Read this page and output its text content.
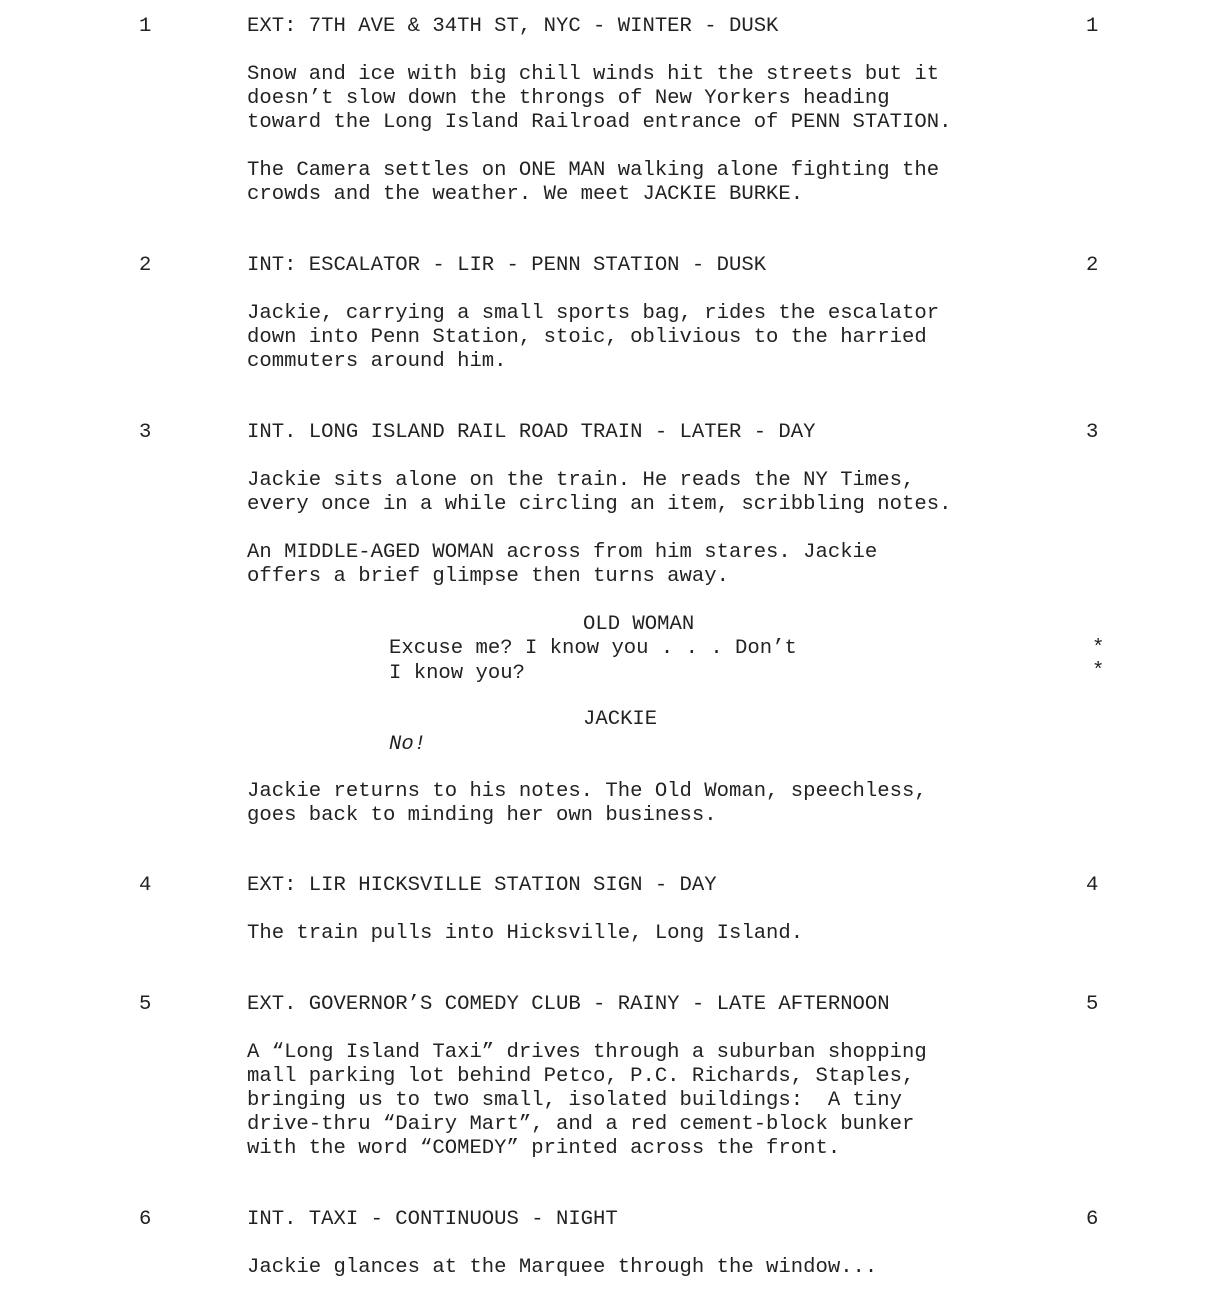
1	EXT: 7TH AVE & 34TH ST, NYC - WINTER - DUSK	1
Snow and ice with big chill winds hit the streets but it
doesn’t slow down the throngs of New Yorkers heading
toward the Long Island Railroad entrance of PENN STATION.
The Camera settles on ONE MAN walking alone fighting the
crowds and the weather. We meet JACKIE BURKE.
2	INT: ESCALATOR - LIR - PENN STATION - DUSK	2
Jackie, carrying a small sports bag, rides the escalator
down into Penn Station, stoic, oblivious to the harried
commuters around him.
3	INT. LONG ISLAND RAIL ROAD TRAIN - LATER - DAY	3
Jackie sits alone on the train. He reads the NY Times,
every once in a while circling an item, scribbling notes.
An MIDDLE-AGED WOMAN across from him stares. Jackie
offers a brief glimpse then turns away.
OLD WOMAN
Excuse me? I know you . . . Don’t	*
I know you?	*
JACKIE
No!
Jackie returns to his notes. The Old Woman, speechless,
goes back to minding her own business.
4	EXT: LIR HICKSVILLE STATION SIGN - DAY	4
The train pulls into Hicksville, Long Island.
5	EXT. GOVERNOR’S COMEDY CLUB - RAINY - LATE AFTERNOON	5
A “Long Island Taxi” drives through a suburban shopping
mall parking lot behind Petco, P.C. Richards, Staples,
bringing us to two small, isolated buildings:  A tiny
drive-thru “Dairy Mart”, and a red cement-block bunker
with the word “COMEDY” printed across the front.
6	INT. TAXI - CONTINUOUS - NIGHT	6
Jackie glances at the Marquee through the window...
